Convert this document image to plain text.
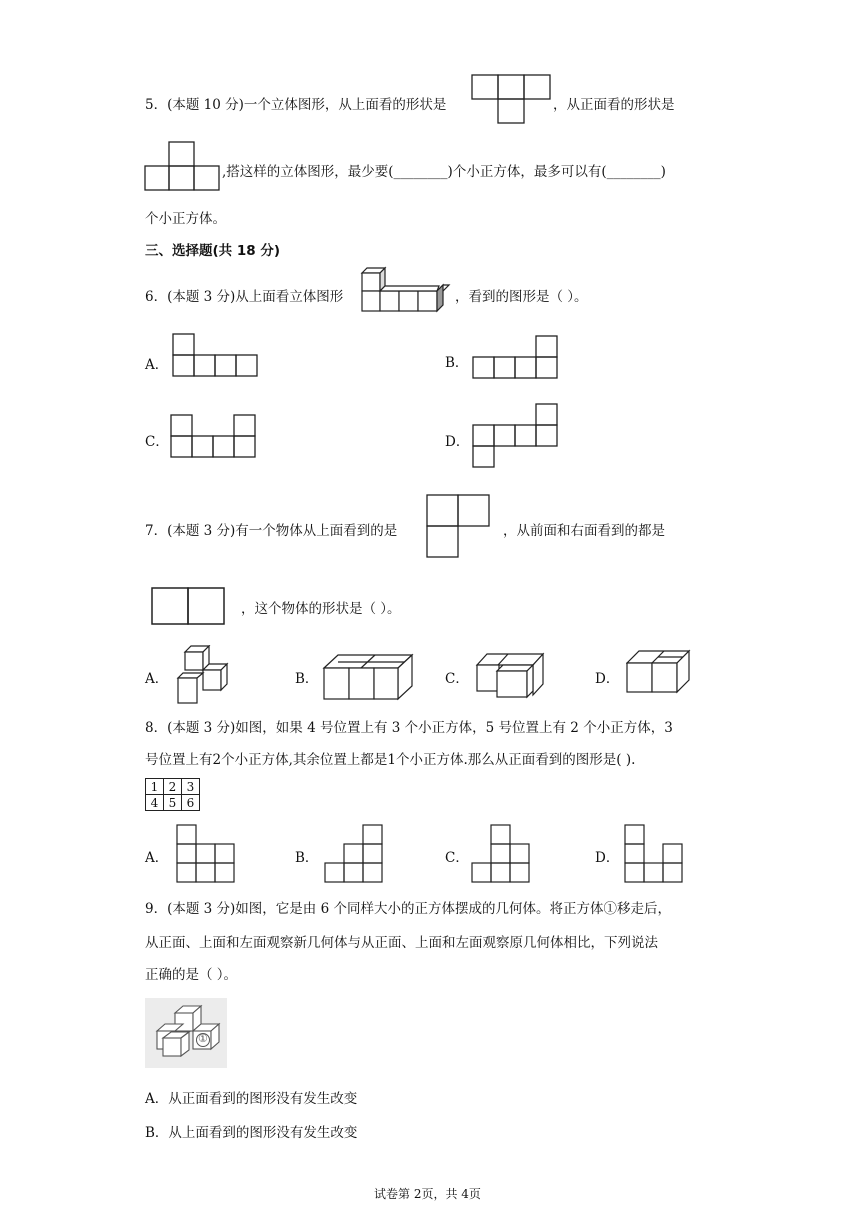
5．(本题 10 分)一个立体图形，从上面看的形状是	，从正面看的形状是
,搭这样的立体图形，最少要(________)个小正方体，最多可以有(________)
个小正方体。
三、选择题(共 18 分)
6．(本题 3 分)从上面看立体图形	，看到的图形是（ ）。
A．	B．
C．	D．
7．(本题 3 分)有一个物体从上面看到的是	，从前面和右面看到的都是
，这个物体的形状是（ ）。
A．	B．	C．	D．
8．(本题 3 分)如图，如果 4 号位置上有 3 个小正方体，5 号位置上有 2 个小正方体，3
号位置上有2个小正方体,其余位置上都是1个小正方体.那么从正面看到的图形是( ).
1	2	3
4	5	6
A．	B．	C．	D．
9．(本题 3 分)如图，它是由 6 个同样大小的正方体摆成的几何体。将正方体①移走后，
从正面、上面和左面观察新几何体与从正面、上面和左面观察原几何体相比，下列说法
正确的是（ ）。
①
A．从正面看到的图形没有发生改变
B．从上面看到的图形没有发生改变
试卷第 2页，共 4页
